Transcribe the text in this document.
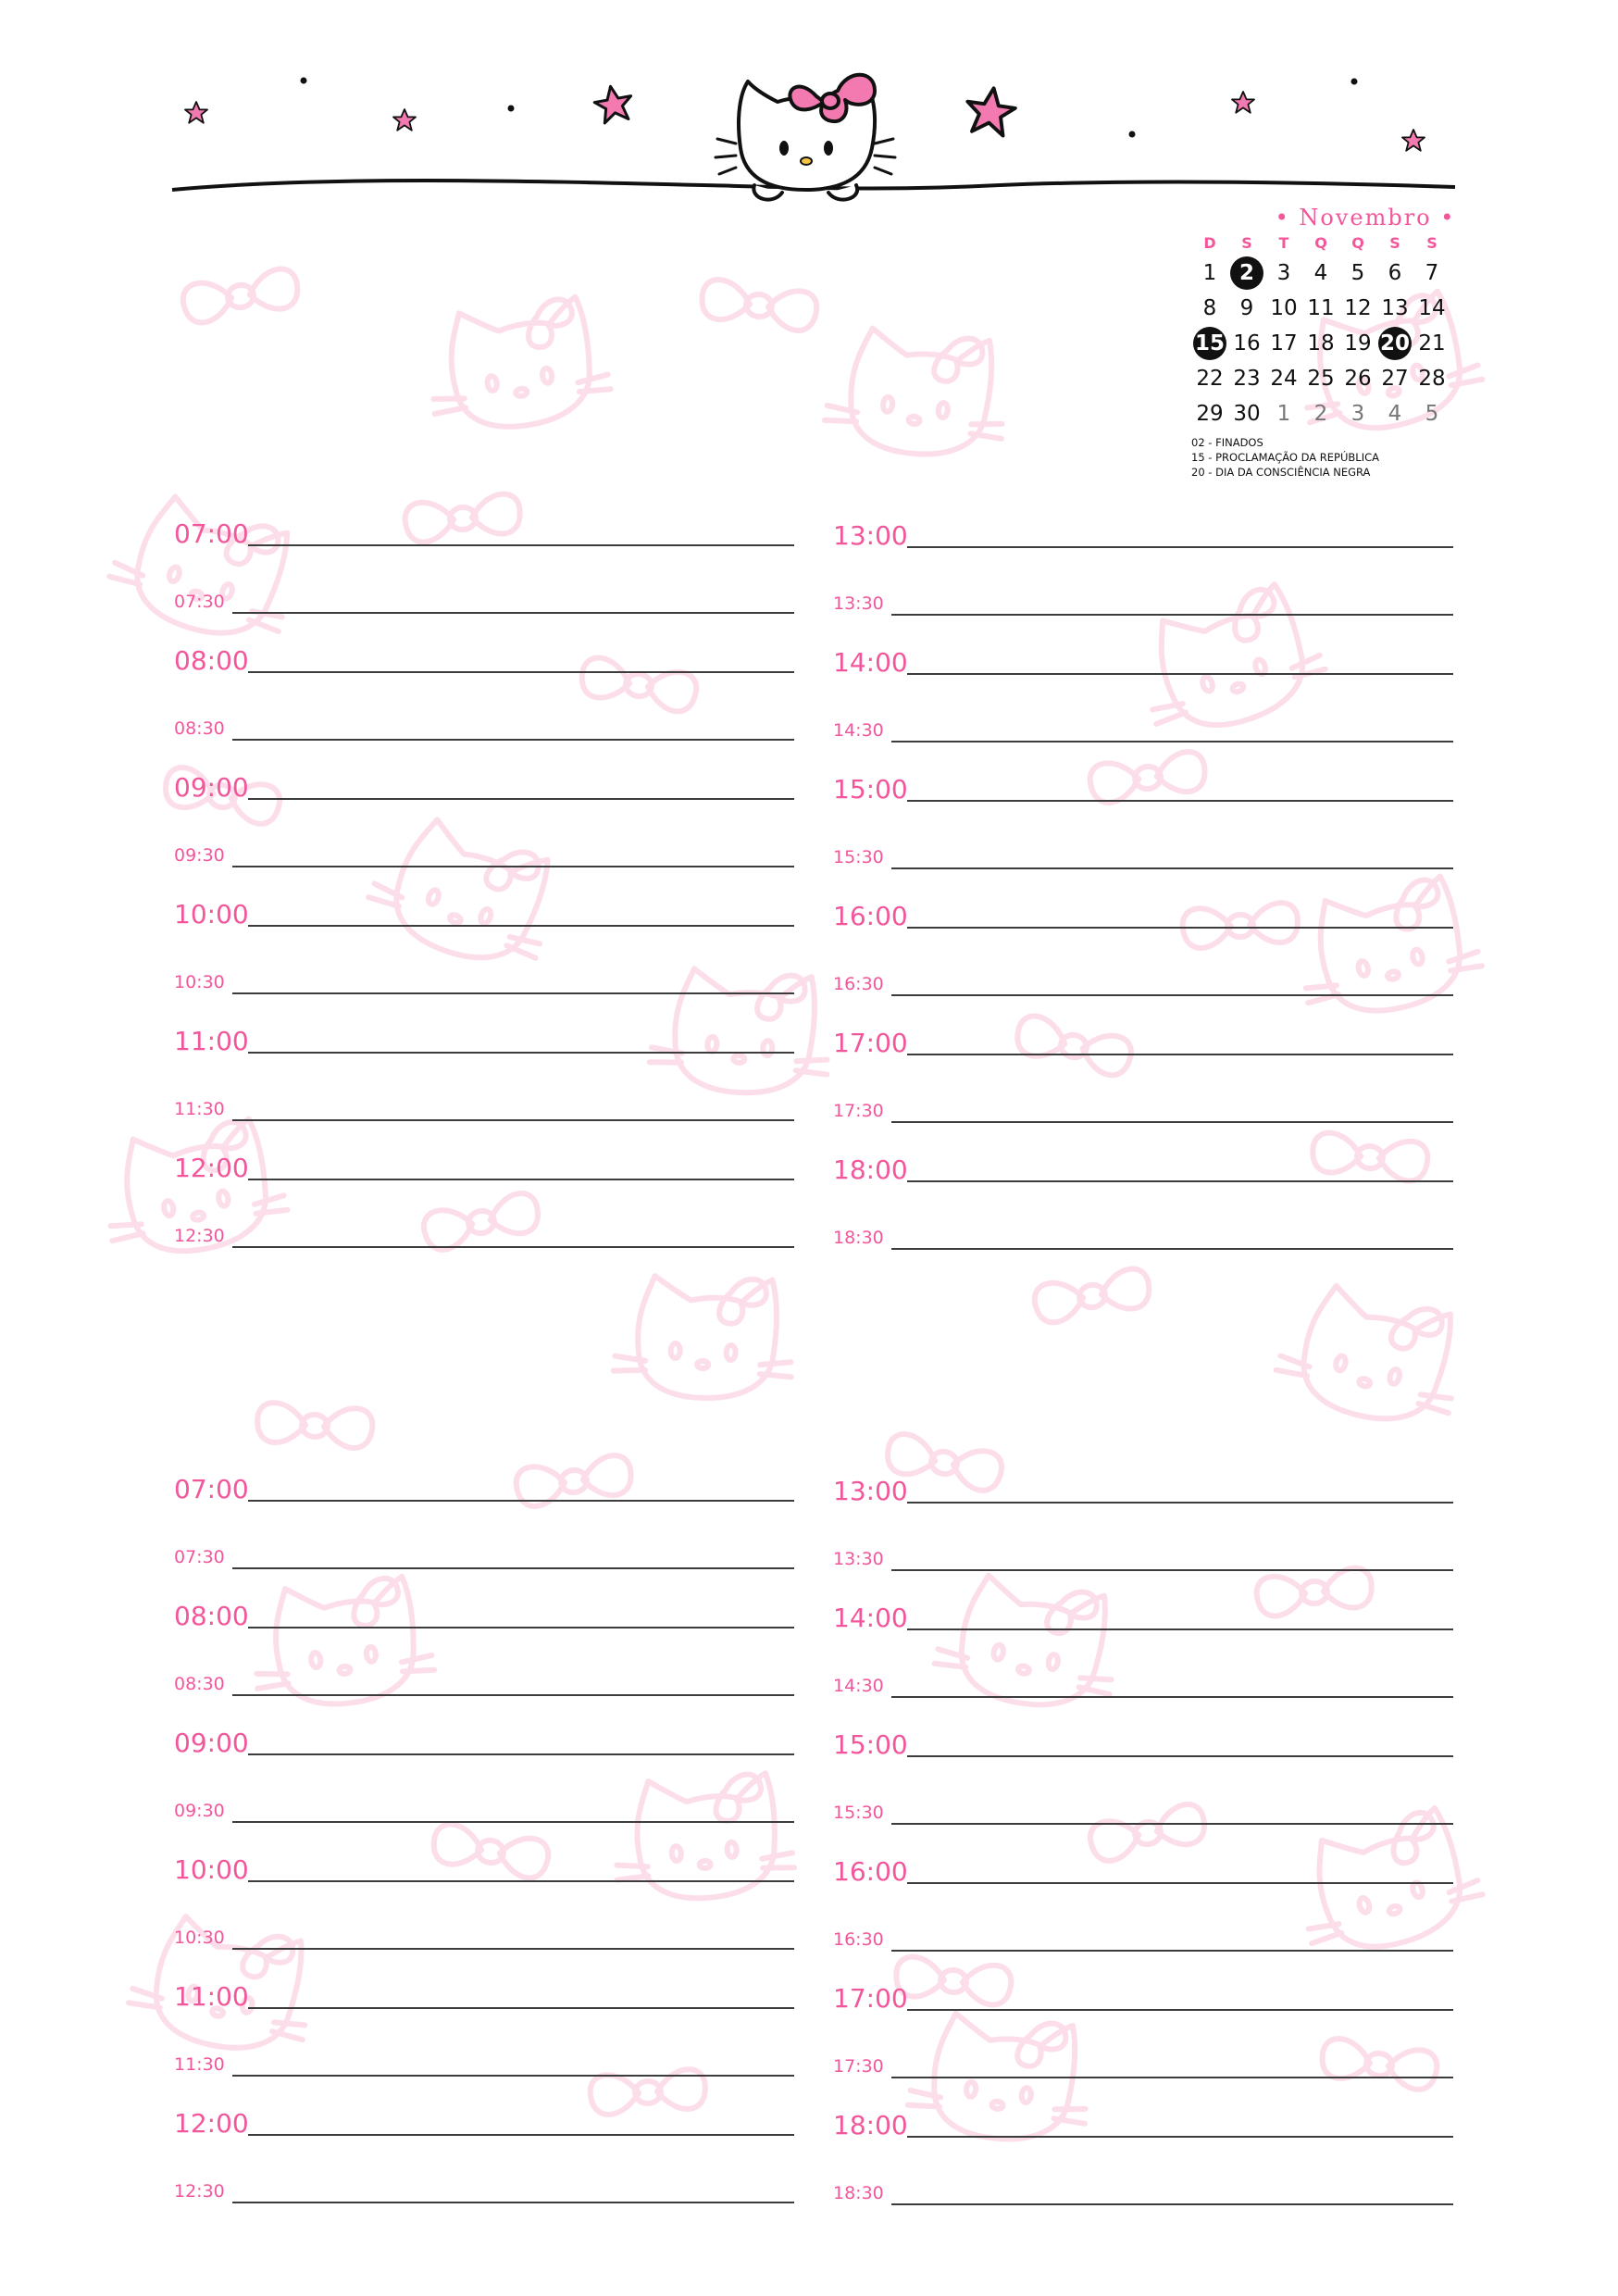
• Novembro •
D	S	T	Q	Q	S	S
1	2	3	4	5	6	7
8	9 10 11 12 13 14
15 16 17 18 19 20 21
22 23 24 25 26 27 28
29 30 1	2	3	4	5
02 - FINADOS
15 - PROCLAMAÇÃO DA REPÚBLICA
20 - DIA DA CONSCIÊNCIA NEGRA
07:00
07:30
08:00
08:30
09:00
09:30
10:00
10:30
11:00
11:30
12:00
12:30
13:00
13:30
14:00
14:30
15:00
15:30
16:00
16:30
17:00
17:30
18:00
18:30
07:00
07:30
08:00
08:30
09:00
09:30
10:00
10:30
11:00
11:30
12:00
12:30
13:00
13:30
14:00
14:30
15:00
15:30
16:00
16:30
17:00
17:30
18:00
18:30
